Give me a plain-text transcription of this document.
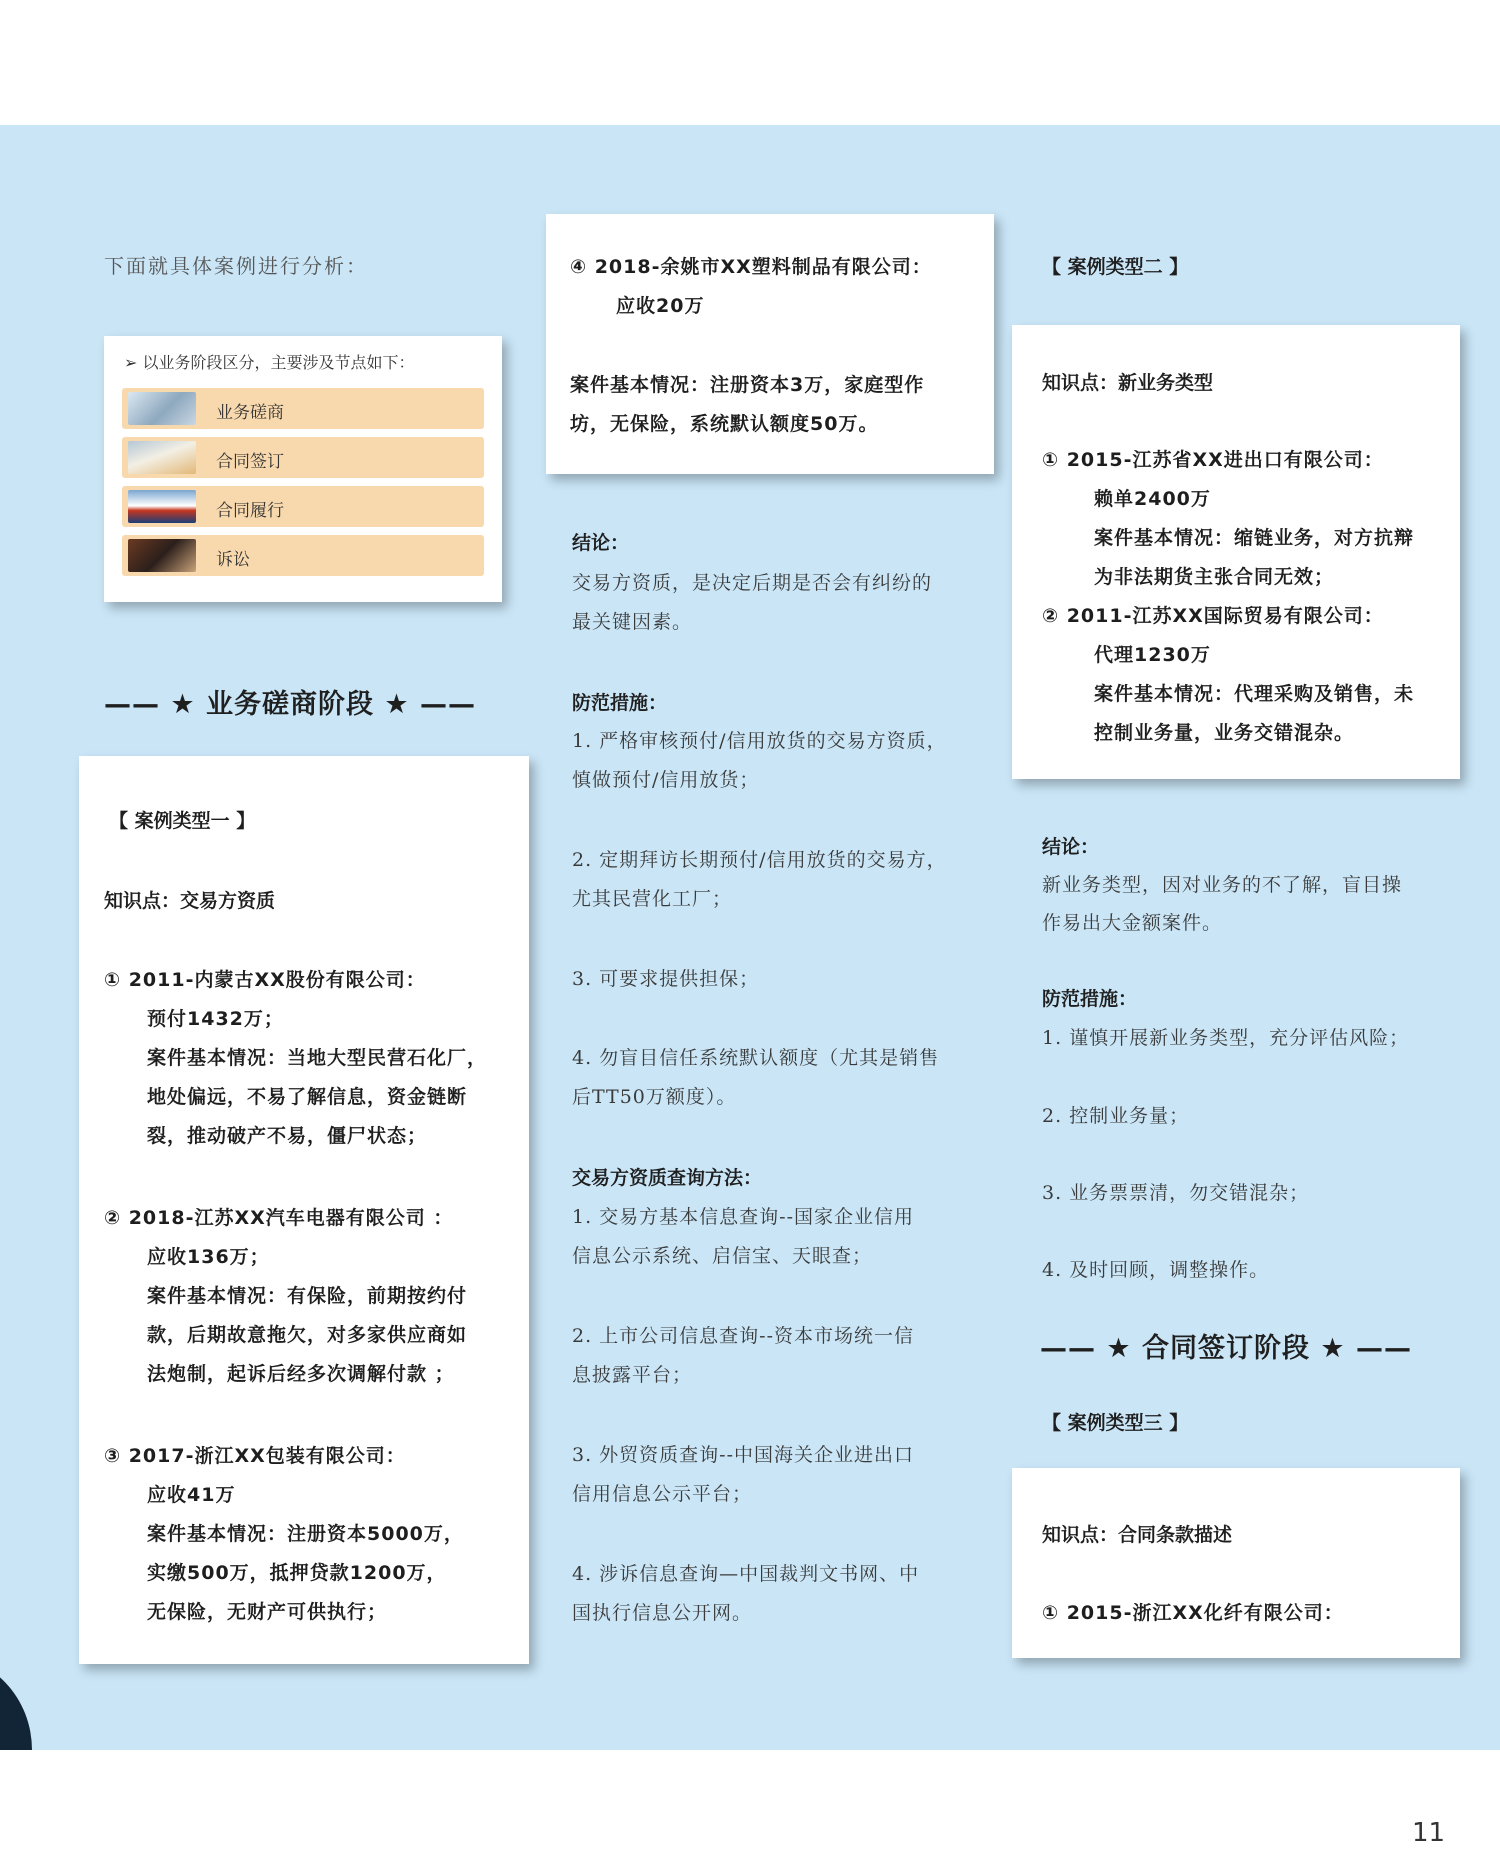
下面就具体案例进行分析：
➢ 以业务阶段区分，主要涉及节点如下：
业务磋商
合同签订
合同履行
诉讼
—— ★ 业务磋商阶段 ★ ——
【 案例类型一 】
知识点：交易方资质
① 2011-内蒙古XX股份有限公司：
预付1432万；
案件基本情况：当地大型民营石化厂，
地处偏远，不易了解信息，资金链断
裂，推动破产不易，僵尸状态；
② 2018-江苏XX汽车电器有限公司 ：
应收136万；
案件基本情况：有保险，前期按约付
款，后期故意拖欠，对多家供应商如
法炮制，起诉后经多次调解付款 ；
③ 2017-浙江XX包装有限公司：
应收41万
案件基本情况：注册资本5000万，
实缴500万，抵押贷款1200万，
无保险，无财产可供执行；
④ 2018-余姚市XX塑料制品有限公司：
应收20万
案件基本情况：注册资本3万，家庭型作
坊，无保险，系统默认额度50万。
结论：
交易方资质，是决定后期是否会有纠纷的
最关键因素。
防范措施：
1. 严格审核预付/信用放货的交易方资质，
慎做预付/信用放货；
2. 定期拜访长期预付/信用放货的交易方，
尤其民营化工厂；
3. 可要求提供担保；
4. 勿盲目信任系统默认额度（尤其是销售
后TT50万额度）。
交易方资质查询方法：
1. 交易方基本信息查询--国家企业信用
信息公示系统、启信宝、天眼查；
2. 上市公司信息查询--资本市场统一信
息披露平台；
3. 外贸资质查询--中国海关企业进出口
信用信息公示平台；
4. 涉诉信息查询—中国裁判文书网、中
国执行信息公开网。
【 案例类型二 】
知识点：新业务类型
① 2015-江苏省XX进出口有限公司：
赖单2400万
案件基本情况：缩链业务，对方抗辩
为非法期货主张合同无效；
② 2011-江苏XX国际贸易有限公司：
代理1230万
案件基本情况：代理采购及销售，未
控制业务量，业务交错混杂。
结论：
新业务类型，因对业务的不了解，盲目操
作易出大金额案件。
防范措施：
1. 谨慎开展新业务类型，充分评估风险；
2. 控制业务量；
3. 业务票票清，勿交错混杂；
4. 及时回顾，调整操作。
—— ★ 合同签订阶段 ★ ——
【 案例类型三 】
知识点：合同条款描述
① 2015-浙江XX化纤有限公司：
11
